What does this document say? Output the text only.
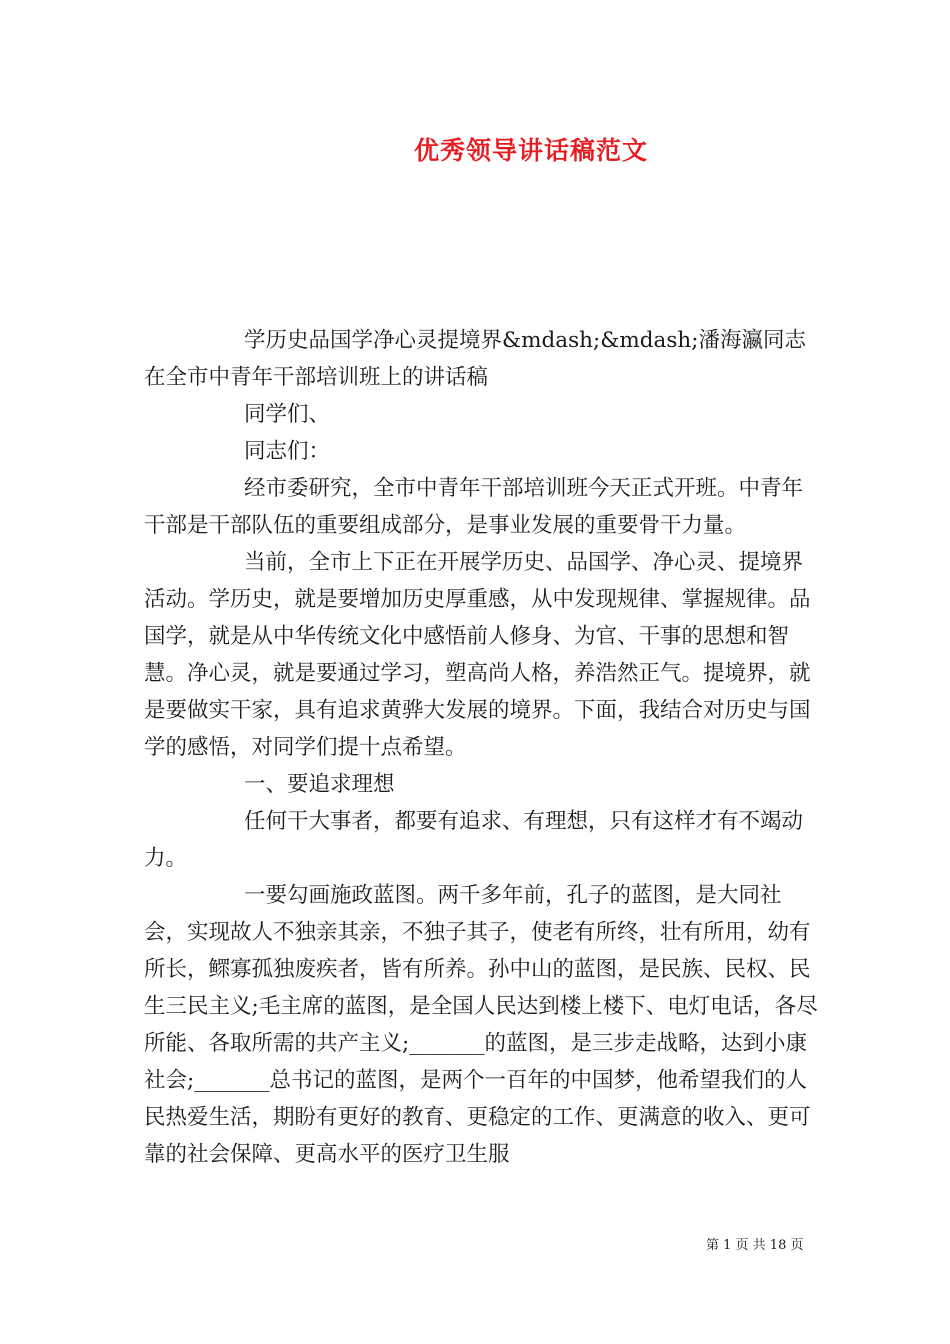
优秀领导讲话稿范文

学历史品国学净心灵提境界&mdash;&mdash;潘海瀛同志在全市中青年干部培训班上的讲话稿

同学们、

同志们：

经市委研究，全市中青年干部培训班今天正式开班。中青年干部是干部队伍的重要组成部分，是事业发展的重要骨干力量。

当前，全市上下正在开展学历史、品国学、净心灵、提境界活动。学历史，就是要增加历史厚重感，从中发现规律、掌握规律。品国学，就是从中华传统文化中感悟前人修身、为官、干事的思想和智慧。净心灵，就是要通过学习，塑高尚人格，养浩然正气。提境界，就是要做实干家，具有追求黄骅大发展的境界。下面，我结合对历史与国学的感悟，对同学们提十点希望。

一、要追求理想

任何干大事者，都要有追求、有理想，只有这样才有不竭动力。

一要勾画施政蓝图。两千多年前，孔子的蓝图，是大同社会，实现故人不独亲其亲，不独子其子，使老有所终，壮有所用，幼有所长，鳏寡孤独废疾者，皆有所养。孙中山的蓝图，是民族、民权、民生三民主义;毛主席的蓝图，是全国人民达到楼上楼下、电灯电话，各尽所能、各取所需的共产主义;_______的蓝图，是三步走战略，达到小康社会;_______总书记的蓝图，是两个一百年的中国梦，他希望我们的人民热爱生活，期盼有更好的教育、更稳定的工作、更满意的收入、更可靠的社会保障、更高水平的医疗卫生服

第 1 页 共 18 页
